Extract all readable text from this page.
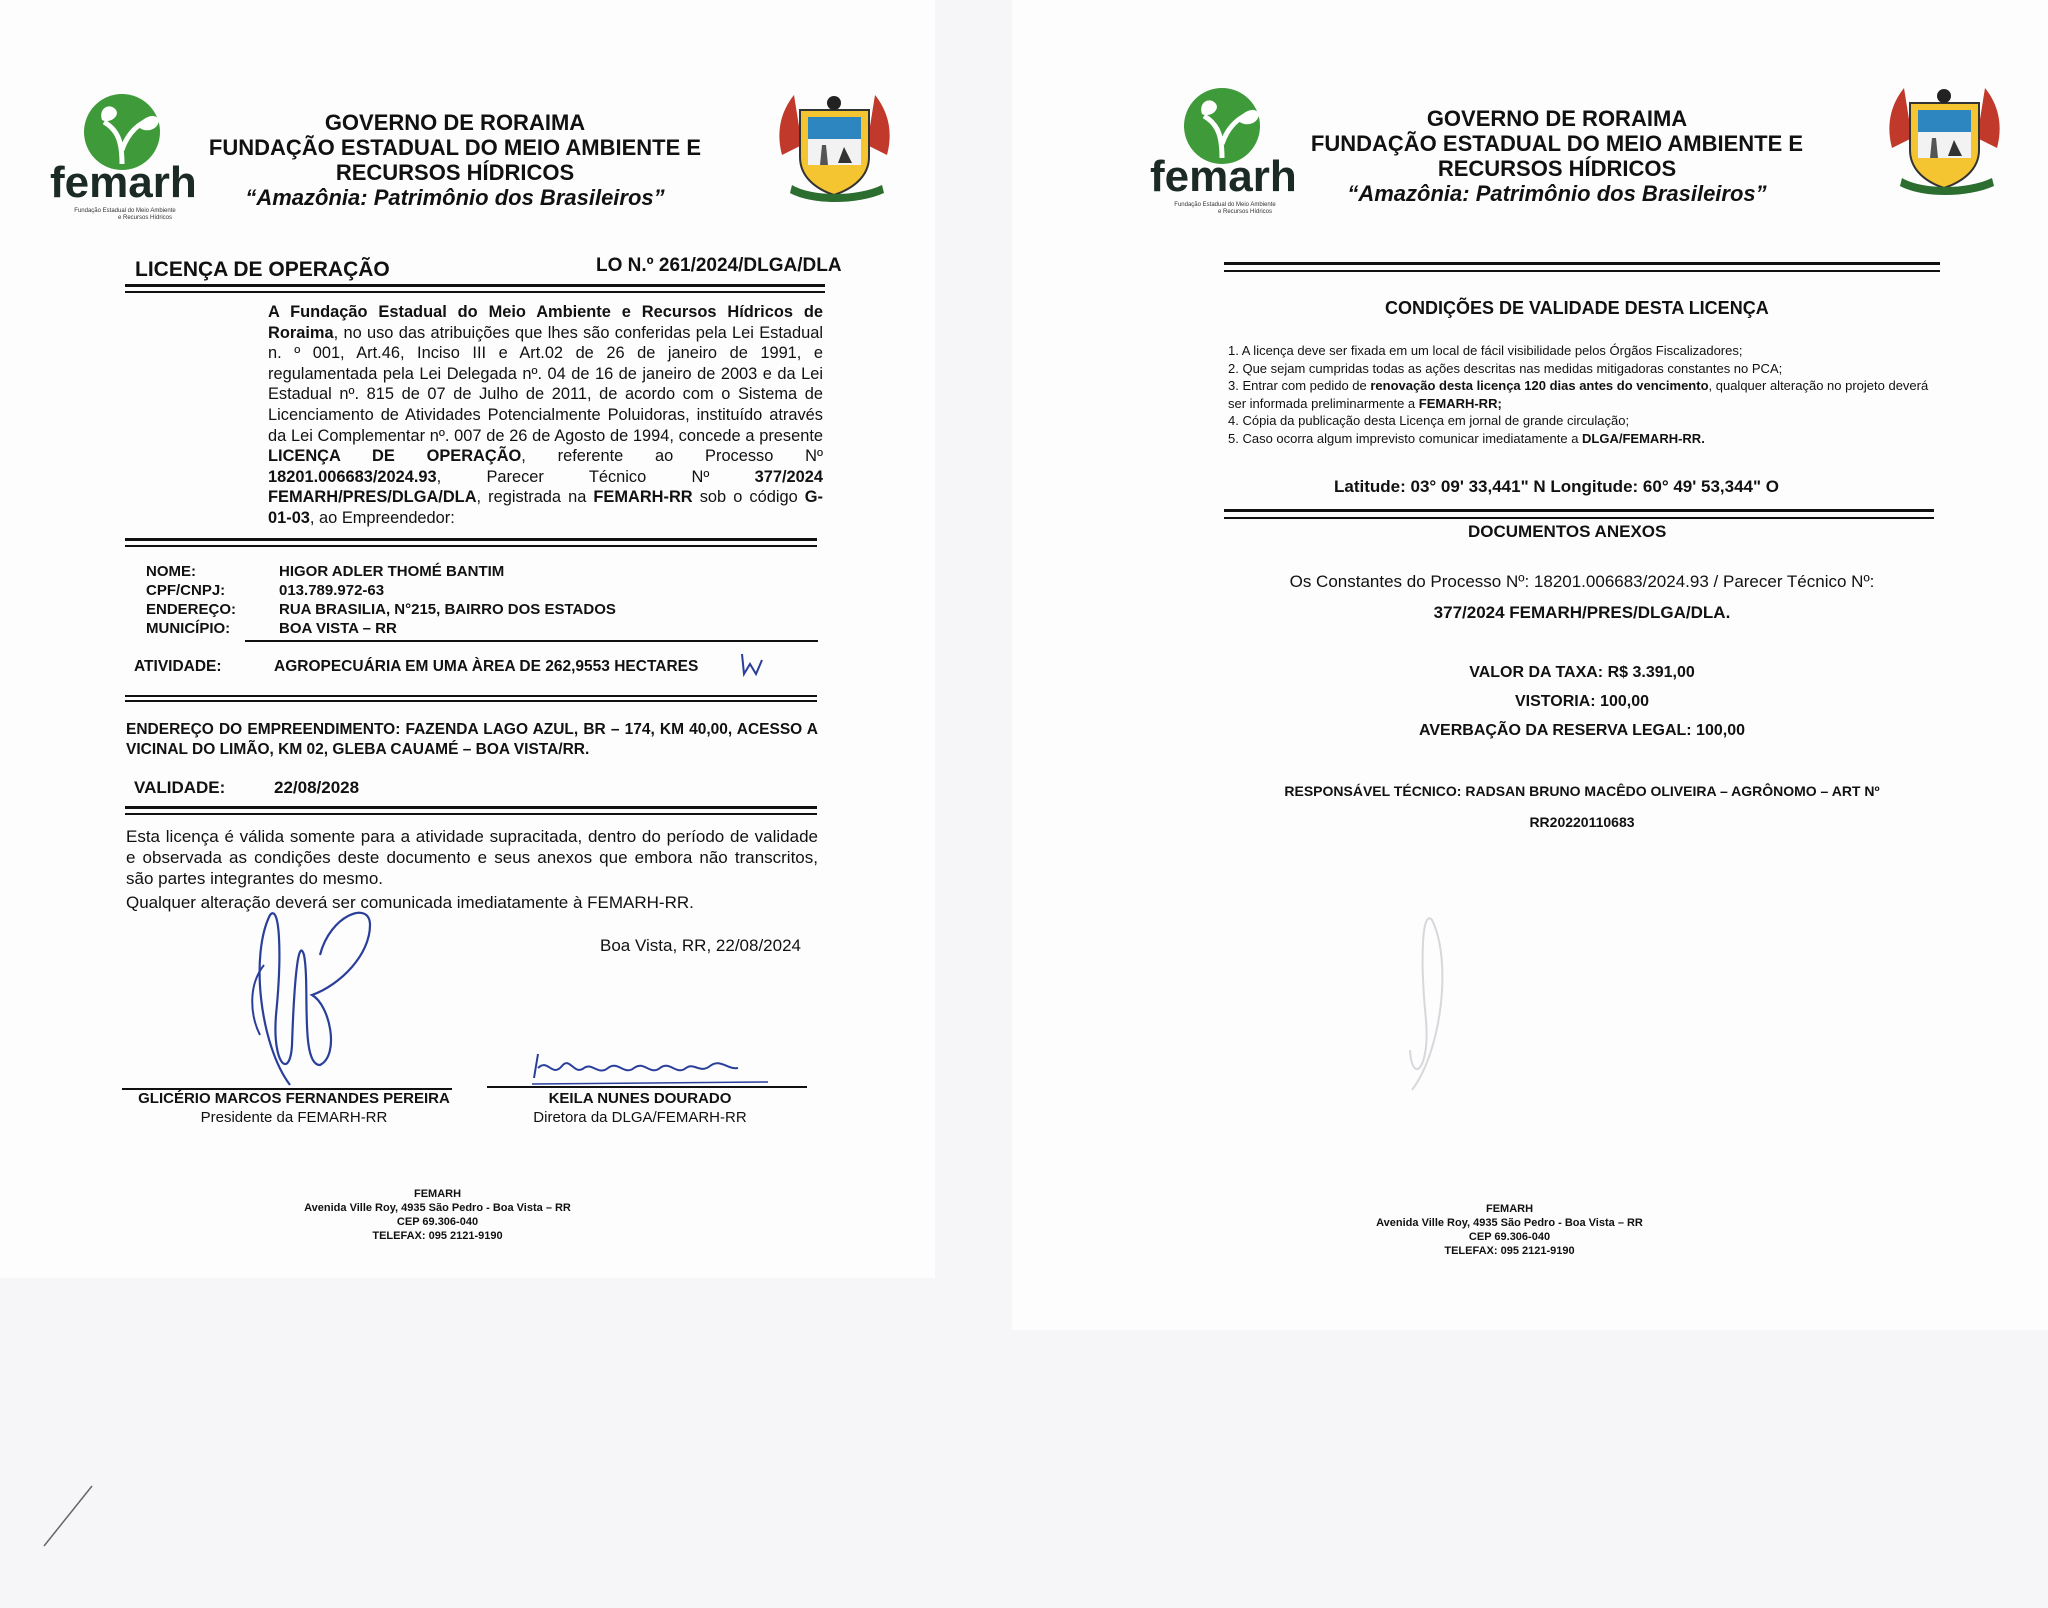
femarh
Fundação Estadual do Meio Ambiente
e Recursos Hídricos
GOVERNO DE RORAIMA
FUNDAÇÃO ESTADUAL DO MEIO AMBIENTE E
RECURSOS HÍDRICOS
“Amazônia: Patrimônio dos Brasileiros”
LICENÇA DE OPERAÇÃO	LO N.º 261/2024/DLGA/DLA
A Fundação Estadual do Meio Ambiente e Recursos Hídricos de Roraima, no uso das atribuições que lhes são conferidas pela Lei Estadual n. º 001, Art.46, Inciso III e Art.02 de 26 de janeiro de 1991, e regulamentada pela Lei Delegada nº. 04 de 16 de janeiro de 2003 e da Lei Estadual nº. 815 de 07 de Julho de 2011, de acordo com o Sistema de Licenciamento de Atividades Potencialmente Poluidoras, instituído através da Lei Complementar nº. 007 de 26 de Agosto de 1994, concede a presente LICENÇA DE OPERAÇÃO, referente ao Processo Nº 18201.006683/2024.93, Parecer Técnico Nº 377/2024 FEMARH/PRES/DLGA/DLA, registrada na FEMARH-RR sob o código G-01-03, ao Empreendedor:
NOME:	HIGOR ADLER THOMÉ BANTIM
CPF/CNPJ:	013.789.972-63
ENDEREÇO:	RUA BRASILIA, N°215, BAIRRO DOS ESTADOS
MUNICÍPIO:	BOA VISTA – RR
ATIVIDADE:	AGROPECUÁRIA EM UMA ÀREA DE 262,9553 HECTARES
ENDEREÇO DO EMPREENDIMENTO: FAZENDA LAGO AZUL, BR – 174, KM 40,00, ACESSO A VICINAL DO LIMÃO, KM 02, GLEBA CAUAMÉ – BOA VISTA/RR.
VALIDADE:	22/08/2028
Esta licença é válida somente para a atividade supracitada, dentro do período de validade e observada as condições deste documento e seus anexos que embora não transcritos, são partes integrantes do mesmo.
Qualquer alteração deverá ser comunicada imediatamente à FEMARH-RR.
Boa Vista, RR, 22/08/2024
kdourado
GLICÉRIO MARCOS FERNANDES PEREIRA
Presidente da FEMARH-RR
KEILA NUNES DOURADO
Diretora da DLGA/FEMARH-RR
FEMARH
Avenida Ville Roy, 4935 São Pedro - Boa Vista – RR
CEP 69.306-040
TELEFAX: 095 2121-9190
femarh
Fundação Estadual do Meio Ambiente
e Recursos Hídricos
GOVERNO DE RORAIMA
FUNDAÇÃO ESTADUAL DO MEIO AMBIENTE E
RECURSOS HÍDRICOS
“Amazônia: Patrimônio dos Brasileiros”
CONDIÇÕES DE VALIDADE DESTA LICENÇA
1. A licença deve ser fixada em um local de fácil visibilidade pelos Órgãos Fiscalizadores;
2. Que sejam cumpridas todas as ações descritas nas medidas mitigadoras constantes no PCA;
3. Entrar com pedido de renovação desta licença 120 dias antes do vencimento, qualquer alteração no projeto deverá ser informada preliminarmente a FEMARH-RR;
4. Cópia da publicação desta Licença em jornal de grande circulação;
5. Caso ocorra algum imprevisto comunicar imediatamente a DLGA/FEMARH-RR.
Latitude: 03° 09' 33,441" N Longitude: 60° 49' 53,344" O
DOCUMENTOS ANEXOS
Os Constantes do Processo Nº: 18201.006683/2024.93 / Parecer Técnico Nº:
377/2024 FEMARH/PRES/DLGA/DLA.
VALOR DA TAXA: R$ 3.391,00
VISTORIA: 100,00
AVERBAÇÃO DA RESERVA LEGAL: 100,00
RESPONSÁVEL TÉCNICO: RADSAN BRUNO MACÊDO OLIVEIRA – AGRÔNOMO – ART Nº
RR20220110683
FEMARH
Avenida Ville Roy, 4935 São Pedro - Boa Vista – RR
CEP 69.306-040
TELEFAX: 095 2121-9190
